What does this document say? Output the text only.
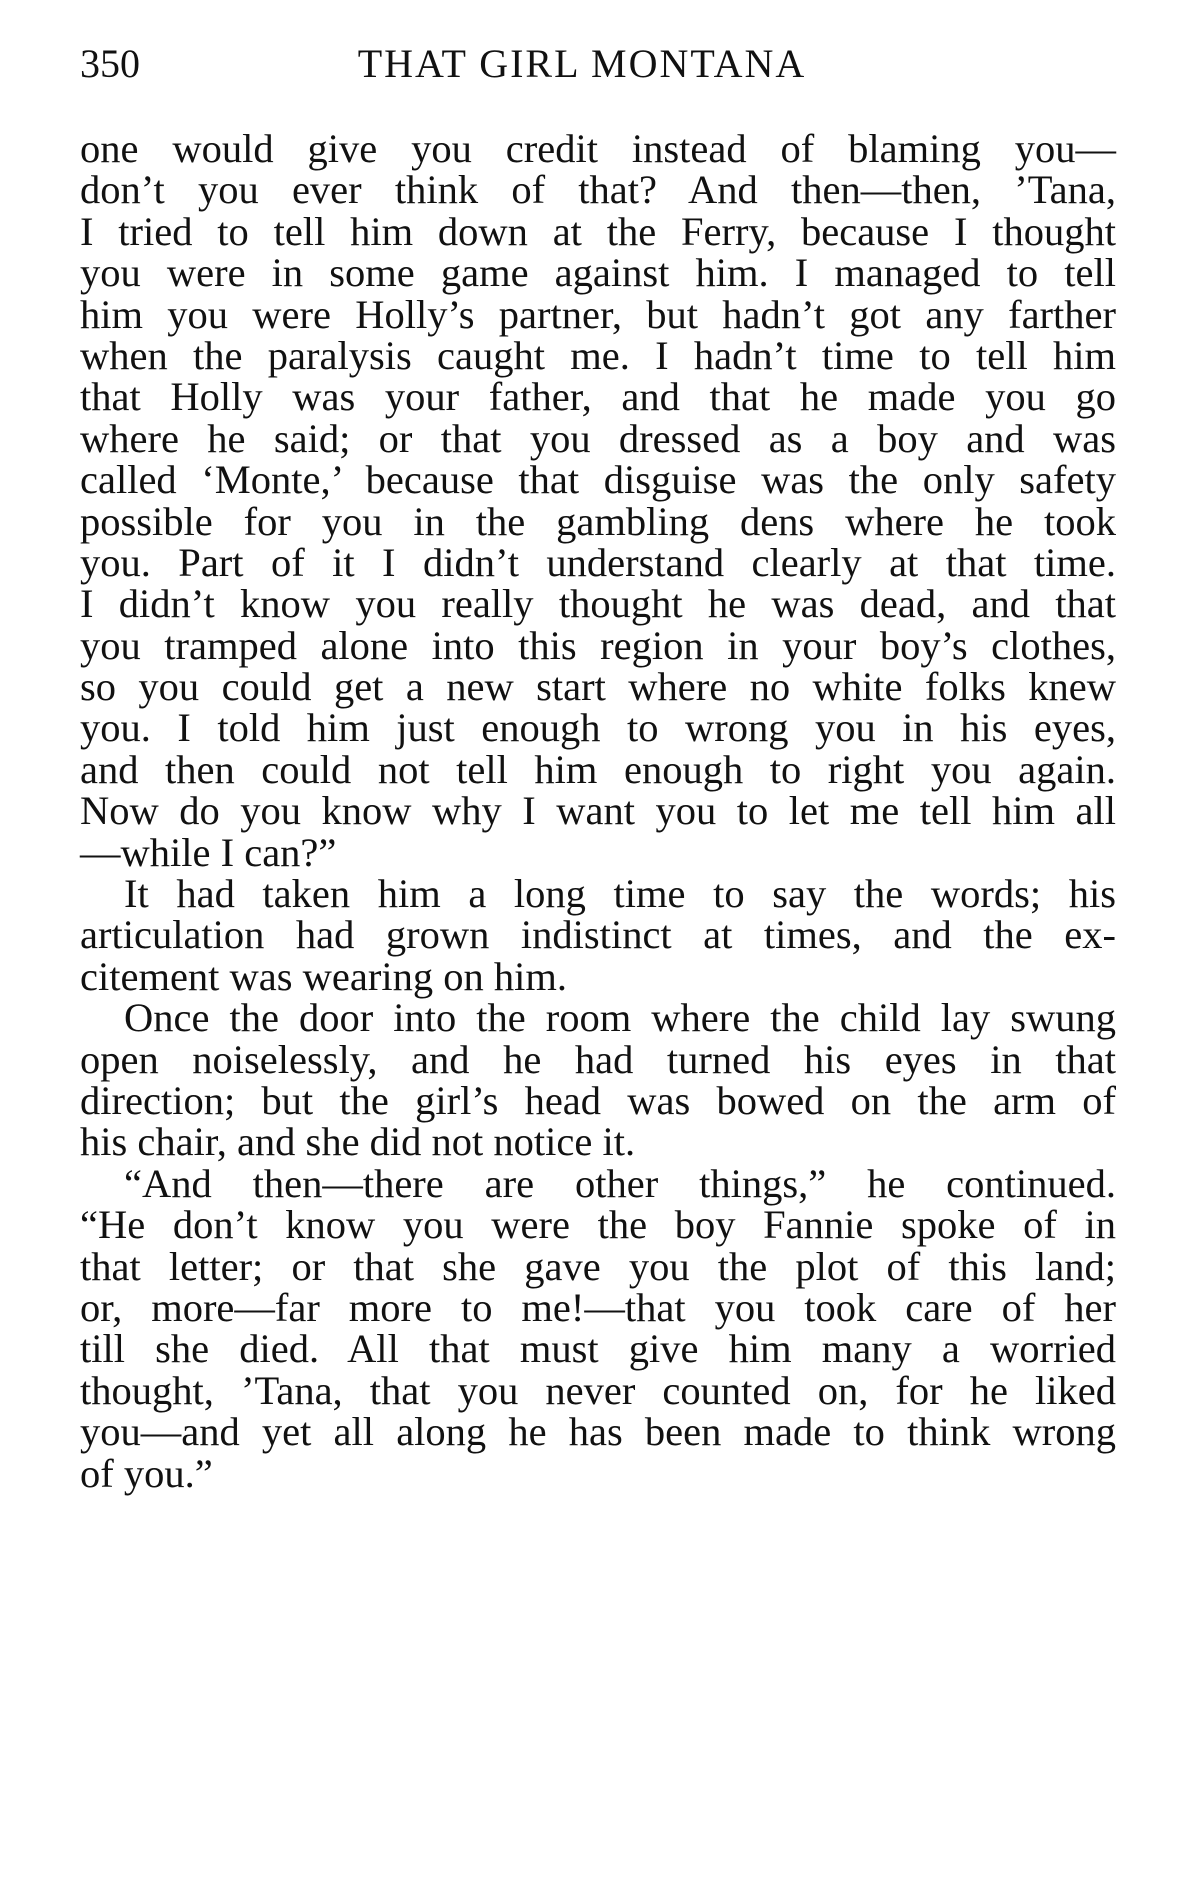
350	THAT GIRL MONTANA
one would give you credit instead of blaming you—
don’t you ever think of that? And then—then, ’Tana,
I tried to tell him down at the Ferry, because I thought
you were in some game against him. I managed to tell
him you were Holly’s partner, but hadn’t got any farther
when the paralysis caught me. I hadn’t time to tell him
that Holly was your father, and that he made you go
where he said; or that you dressed as a boy and was
called ‘Monte,’ because that disguise was the only safety
possible for you in the gambling dens where he took
you. Part of it I didn’t understand clearly at that time.
I didn’t know you really thought he was dead, and that
you tramped alone into this region in your boy’s clothes,
so you could get a new start where no white folks knew
you. I told him just enough to wrong you in his eyes,
and then could not tell him enough to right you again.
Now do you know why I want you to let me tell him all
—while I can?”
It had taken him a long time to say the words; his
articulation had grown indistinct at times, and the ex-
citement was wearing on him.
Once the door into the room where the child lay swung
open noiselessly, and he had turned his eyes in that
direction; but the girl’s head was bowed on the arm of
his chair, and she did not notice it.
“And then—there are other things,” he continued.
“He don’t know you were the boy Fannie spoke of in
that letter; or that she gave you the plot of this land;
or, more—far more to me!—that you took care of her
till she died. All that must give him many a worried
thought, ’Tana, that you never counted on, for he liked
you—and yet all along he has been made to think wrong
of you.”
